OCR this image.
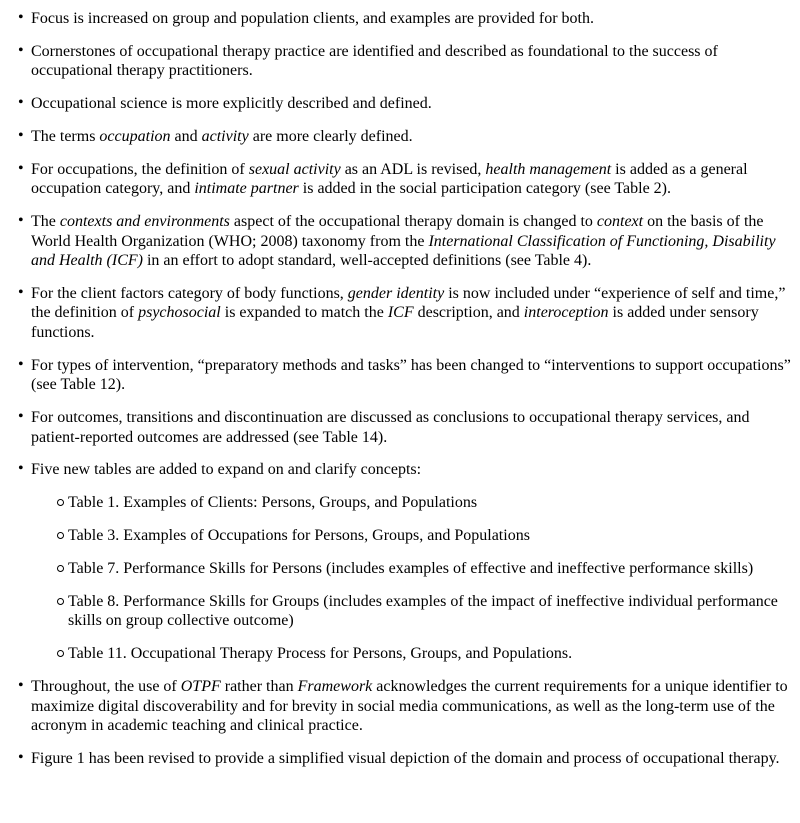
• Focus is increased on group and population clients, and examples are provided for both.
• Cornerstones of occupational therapy practice are identified and described as foundational to the success of occupational therapy practitioners.
• Occupational science is more explicitly described and defined.
• The terms occupation and activity are more clearly defined.
• For occupations, the definition of sexual activity as an ADL is revised, health management is added as a general occupation category, and intimate partner is added in the social participation category (see Table 2).
• The contexts and environments aspect of the occupational therapy domain is changed to context on the basis of the World Health Organization (WHO; 2008) taxonomy from the International Classification of Functioning, Disability and Health (ICF) in an effort to adopt standard, well-accepted definitions (see Table 4).
• For the client factors category of body functions, gender identity is now included under “experience of self and time,” the definition of psychosocial is expanded to match the ICF description, and interoception is added under sensory functions.
• For types of intervention, “preparatory methods and tasks” has been changed to “interventions to support occupations” (see Table 12).
• For outcomes, transitions and discontinuation are discussed as conclusions to occupational therapy services, and patient-reported outcomes are addressed (see Table 14).
• Five new tables are added to expand on and clarify concepts:
Table 1. Examples of Clients: Persons, Groups, and Populations
Table 3. Examples of Occupations for Persons, Groups, and Populations
Table 7. Performance Skills for Persons (includes examples of effective and ineffective performance skills)
Table 8. Performance Skills for Groups (includes examples of the impact of ineffective individual performance skills on group collective outcome)
Table 11. Occupational Therapy Process for Persons, Groups, and Populations.
• Throughout, the use of OTPF rather than Framework acknowledges the current requirements for a unique identifier to maximize digital discoverability and for brevity in social media communications, as well as the long-term use of the acronym in academic teaching and clinical practice.
• Figure 1 has been revised to provide a simplified visual depiction of the domain and process of occupational therapy.
